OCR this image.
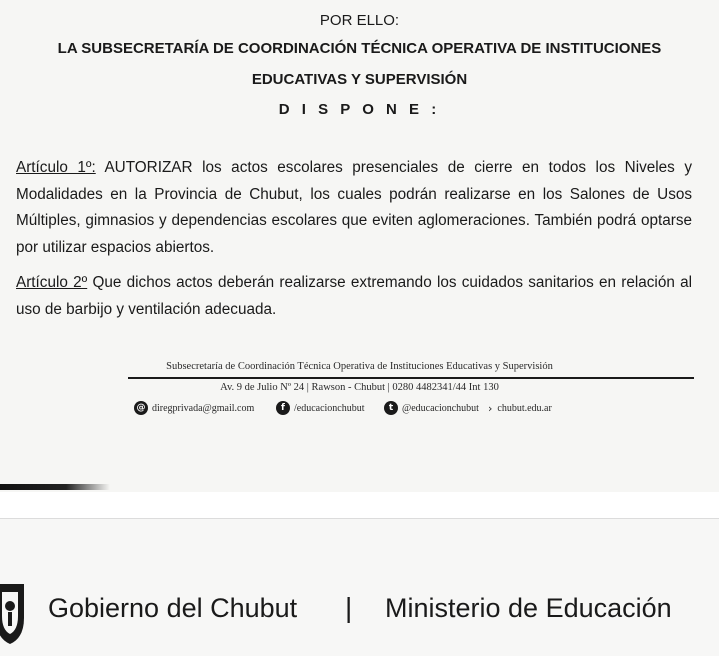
POR ELLO:
LA SUBSECRETARÍA DE COORDINACIÓN TÉCNICA OPERATIVA DE INSTITUCIONES
EDUCATIVAS Y SUPERVISIÓN
D I S P O N E :

Artículo 1º: AUTORIZAR los actos escolares presenciales de cierre en todos los Niveles y Modalidades en la Provincia de Chubut, los cuales podrán realizarse en los Salones de Usos Múltiples, gimnasios y dependencias escolares que eviten aglomeraciones. También podrá optarse por utilizar espacios abiertos.

Artículo 2º Que dichos actos deberán realizarse extremando los cuidados sanitarios en relación al uso de barbijo y ventilación adecuada.

Subsecretaría de Coordinación Técnica Operativa de Instituciones Educativas y Supervisión
Av. 9 de Julio Nº 24 | Rawson - Chubut | 0280 4482341/44 Int 130
@ diregprivada@gmail.com	f /educacionchubut	t @educacionchubut › chubut.edu.ar
Gobierno del Chubut | Ministerio de Educación
